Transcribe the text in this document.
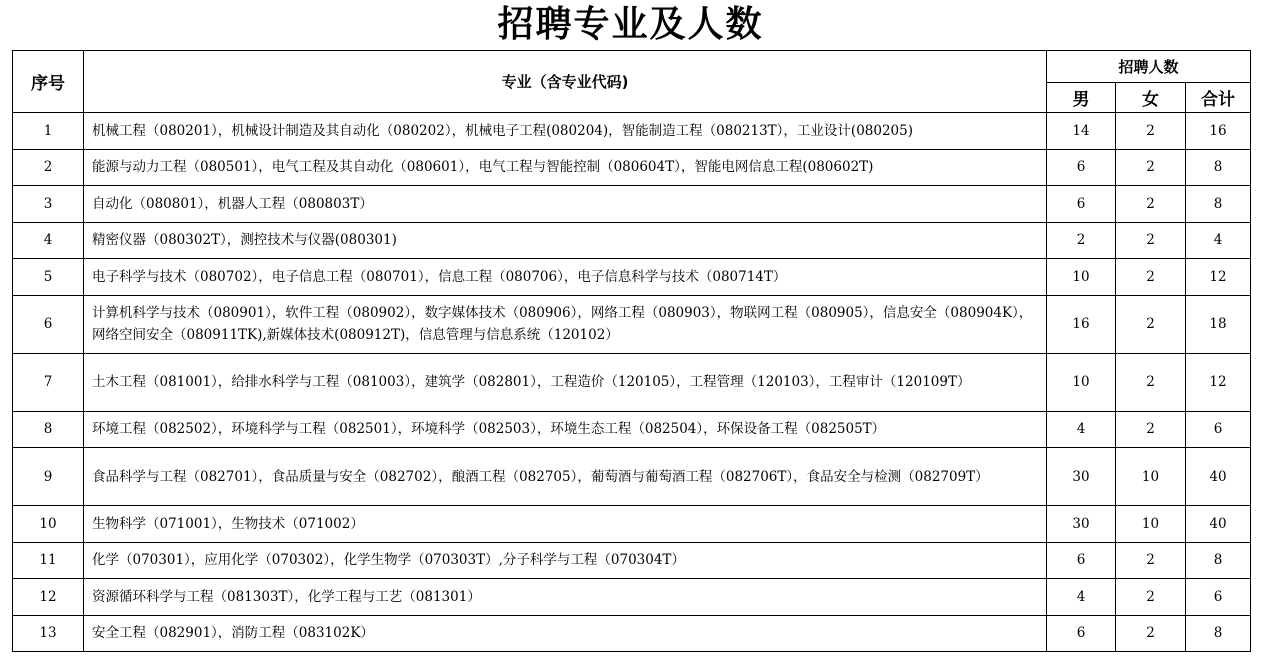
招聘专业及人数
序号	专业（含专业代码)	招聘人数		
		男	女	合计
1	机械工程（080201），机械设计制造及其自动化（080202），机械电子工程(080204)，智能制造工程（080213T），工业设计(080205)	14	2	16
2	能源与动力工程（080501），电气工程及其自动化（080601），电气工程与智能控制（080604T），智能电网信息工程(080602T)	6	2	8
3	自动化（080801），机器人工程（080803T）	6	2	8
4	精密仪器（080302T），测控技术与仪器(080301)	2	2	4
5	电子科学与技术（080702），电子信息工程（080701），信息工程（080706），电子信息科学与技术（080714T）	10	2	12
6	计算机科学与技术（080901），软件工程（080902），数字媒体技术（080906），网络工程（080903），物联网工程（080905），信息安全（080904K），网络空间安全（080911TK),新媒体技术(080912T)，信息管理与信息系统（120102）	16	2	18
7	土木工程（081001），给排水科学与工程（081003），建筑学（082801），工程造价（120105），工程管理（120103），工程审计（120109T）	10	2	12
8	环境工程（082502），环境科学与工程（082501），环境科学（082503），环境生态工程（082504），环保设备工程（082505T）	4	2	6
9	食品科学与工程（082701），食品质量与安全（082702），酿酒工程（082705），葡萄酒与葡萄酒工程（082706T），食品安全与检测（082709T）	30	10	40
10	生物科学（071001），生物技术（071002）	30	10	40
11	化学（070301），应用化学（070302），化学生物学（070303T）,分子科学与工程（070304T）	6	2	8
12	资源循环科学与工程（081303T），化学工程与工艺（081301）	4	2	6
13	安全工程（082901），消防工程（083102K）	6	2	8
